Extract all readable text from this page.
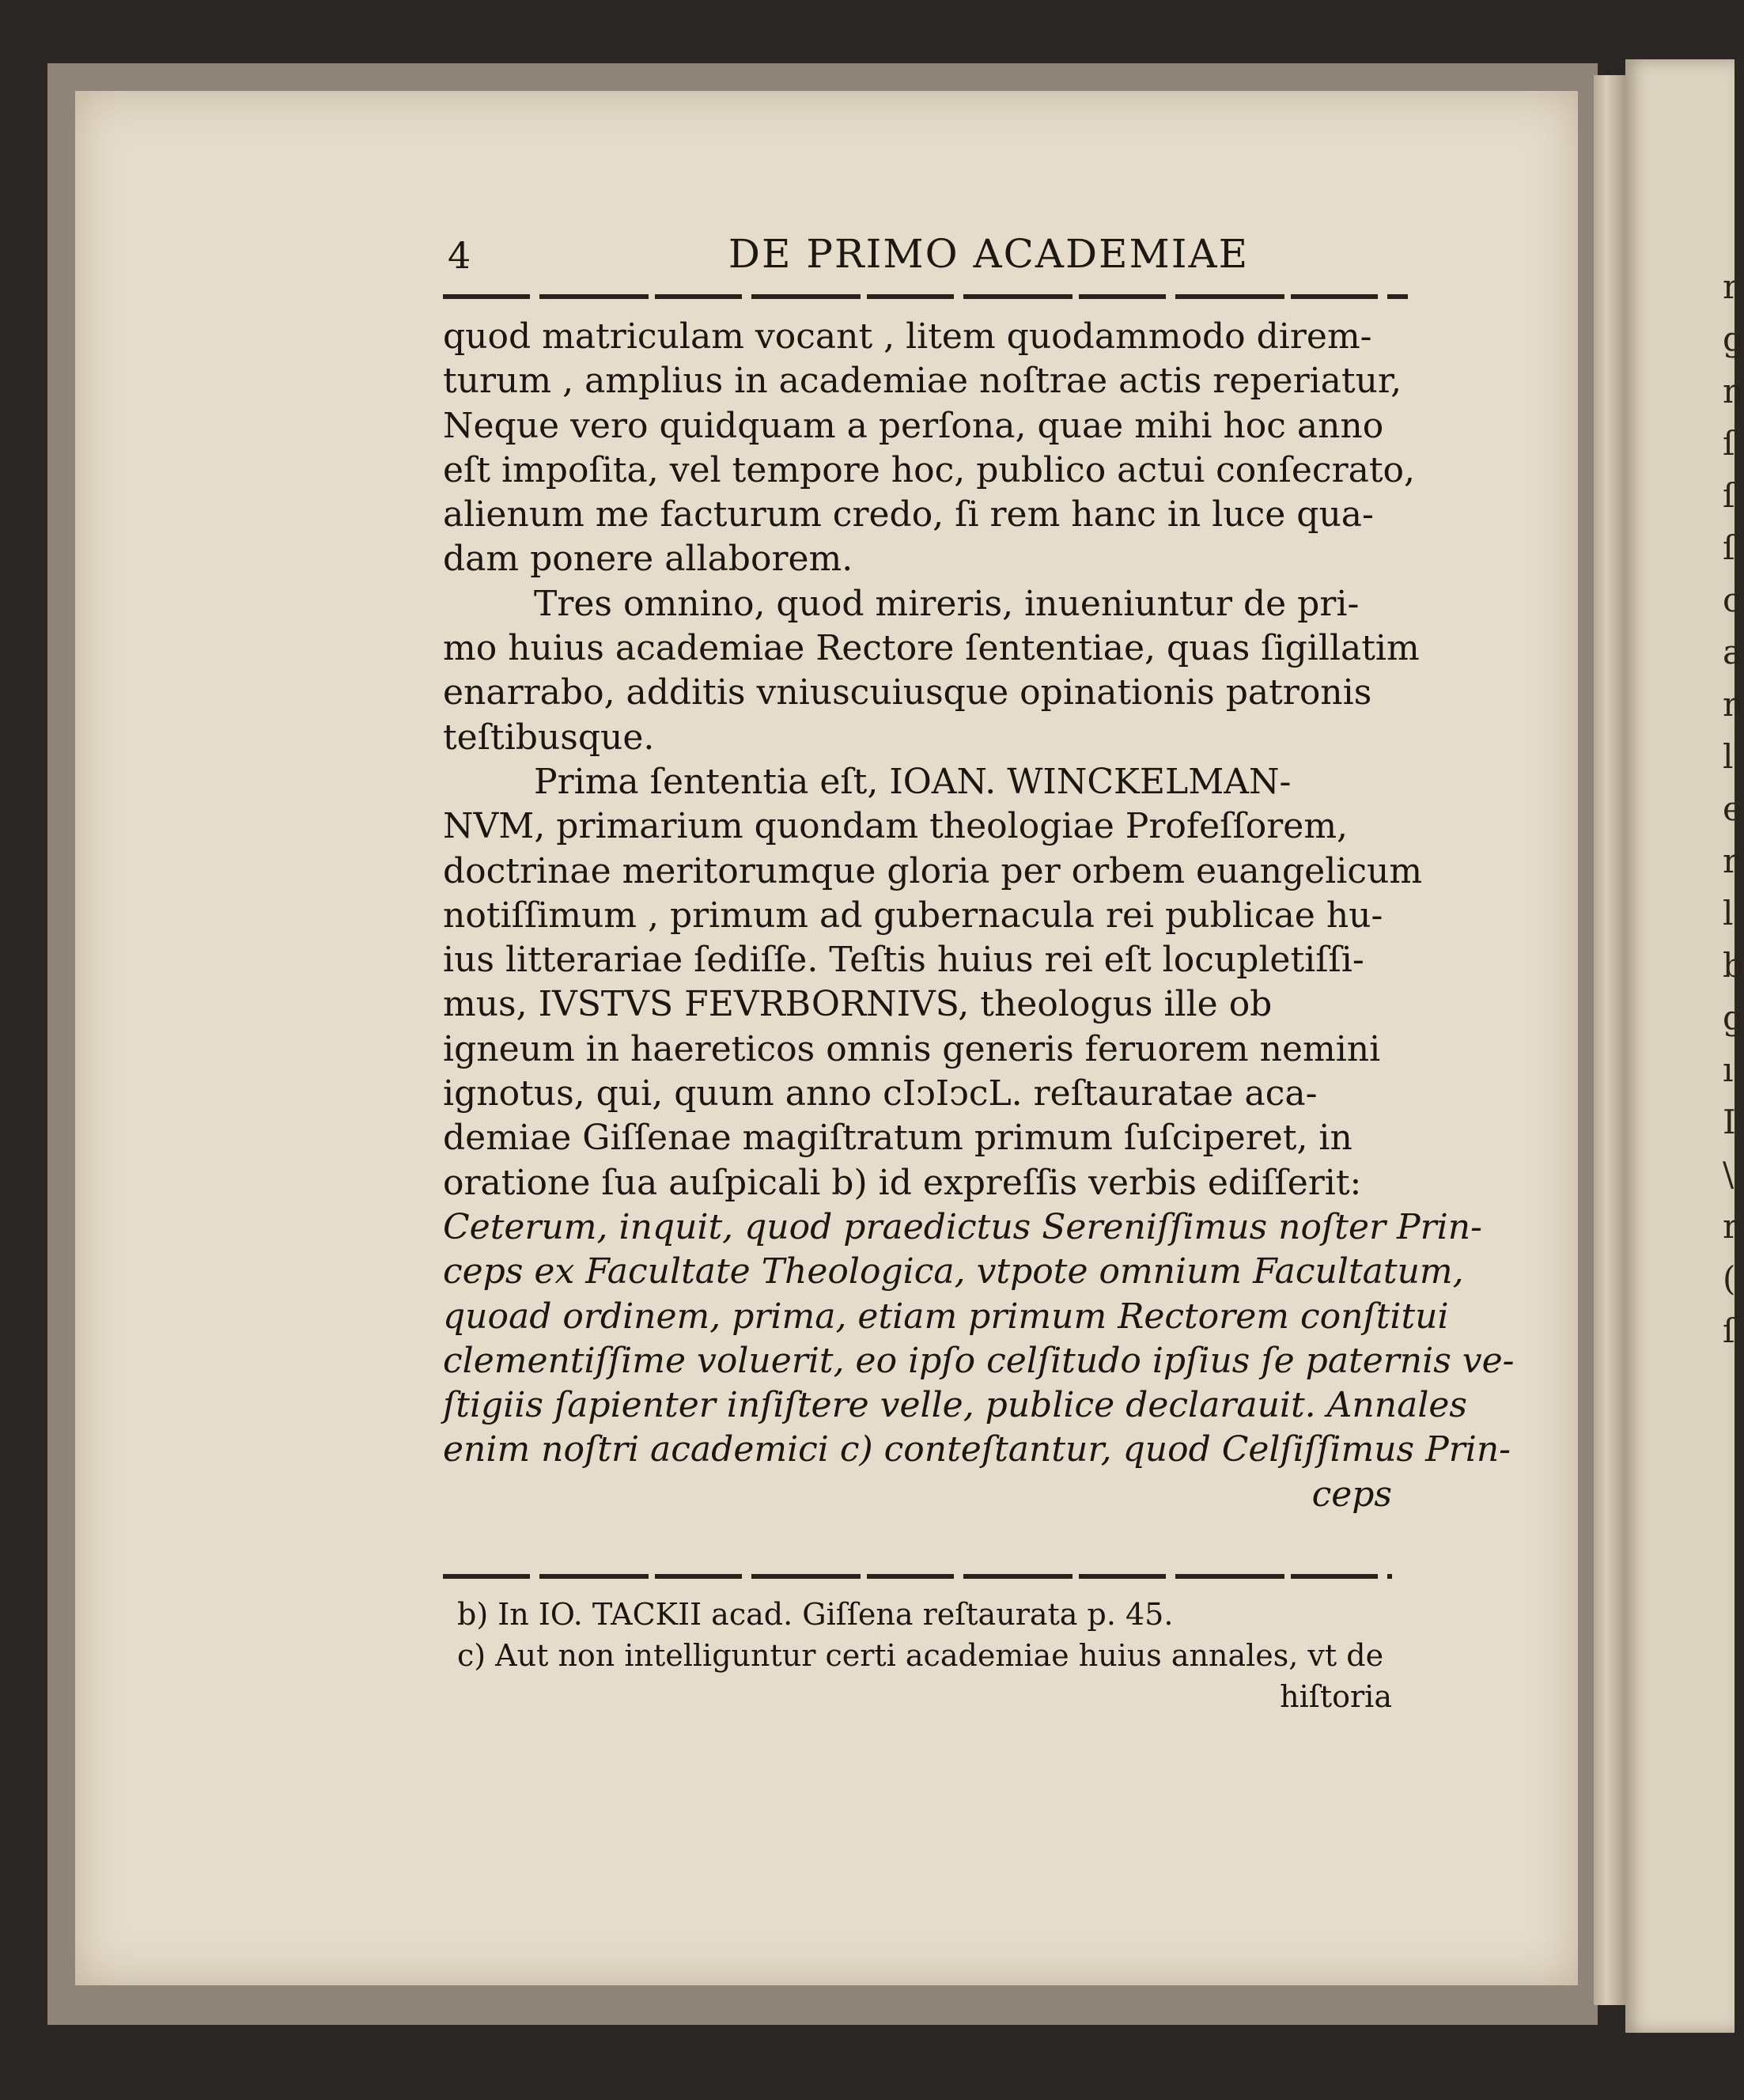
r
g
n
ſ
ſ
ſ
c
a
n
l
e
r
l
b
g
ı
I
\
r
(
ſ
4	DE PRIMO ACADEMIAE
quod matriculam vocant , litem quodammodo direm-
turum , amplius in academiae noſtrae actis reperiatur,
Neque vero quidquam a perſona, quae mihi hoc anno
eſt impoſita, vel tempore hoc, publico actui conſecrato,
alienum me facturum credo, ſi rem hanc in luce qua-
dam ponere allaborem.
Tres omnino, quod mireris, inueniuntur de pri-
mo huius academiae Rectore ſententiae, quas ſigillatim
enarrabo, additis vniuscuiusque opinationis patronis
teſtibusque.
Prima ſententia eſt, IOAN. WINCKELMAN-
NVM, primarium quondam theologiae Profeſſorem,
doctrinae meritorumque gloria per orbem euangelicum
notiſſimum , primum ad gubernacula rei publicae hu-
ius litterariae ſediſſe. Teſtis huius rei eſt locupletiſſi-
mus, IVSTVS FEVRBORNIVS, theologus ille ob
igneum in haereticos omnis generis feruorem nemini
ignotus, qui, quum anno cIↄIↄcL. reſtauratae aca-
demiae Giſſenae magiſtratum primum ſuſciperet, in
oratione ſua auſpicali b) id expreſſis verbis ediſſerit:
Ceterum, inquit, quod praedictus Sereniſſimus noſter Prin-
ceps ex Facultate Theologica, vtpote omnium Facultatum,
quoad ordinem, prima, etiam primum Rectorem conſtitui
clementiſſime voluerit, eo ipſo celſitudo ipſius ſe paternis ve-
ſtigiis ſapienter inſiſtere velle, publice declarauit. Annales
enim noſtri academici c) conteſtantur, quod Celſiſſimus Prin-
ceps
b) In IO. TACKII acad. Giſſena reſtaurata p. 45.
c) Aut non intelliguntur certi academiae huius annales, vt de
hiſtoria
